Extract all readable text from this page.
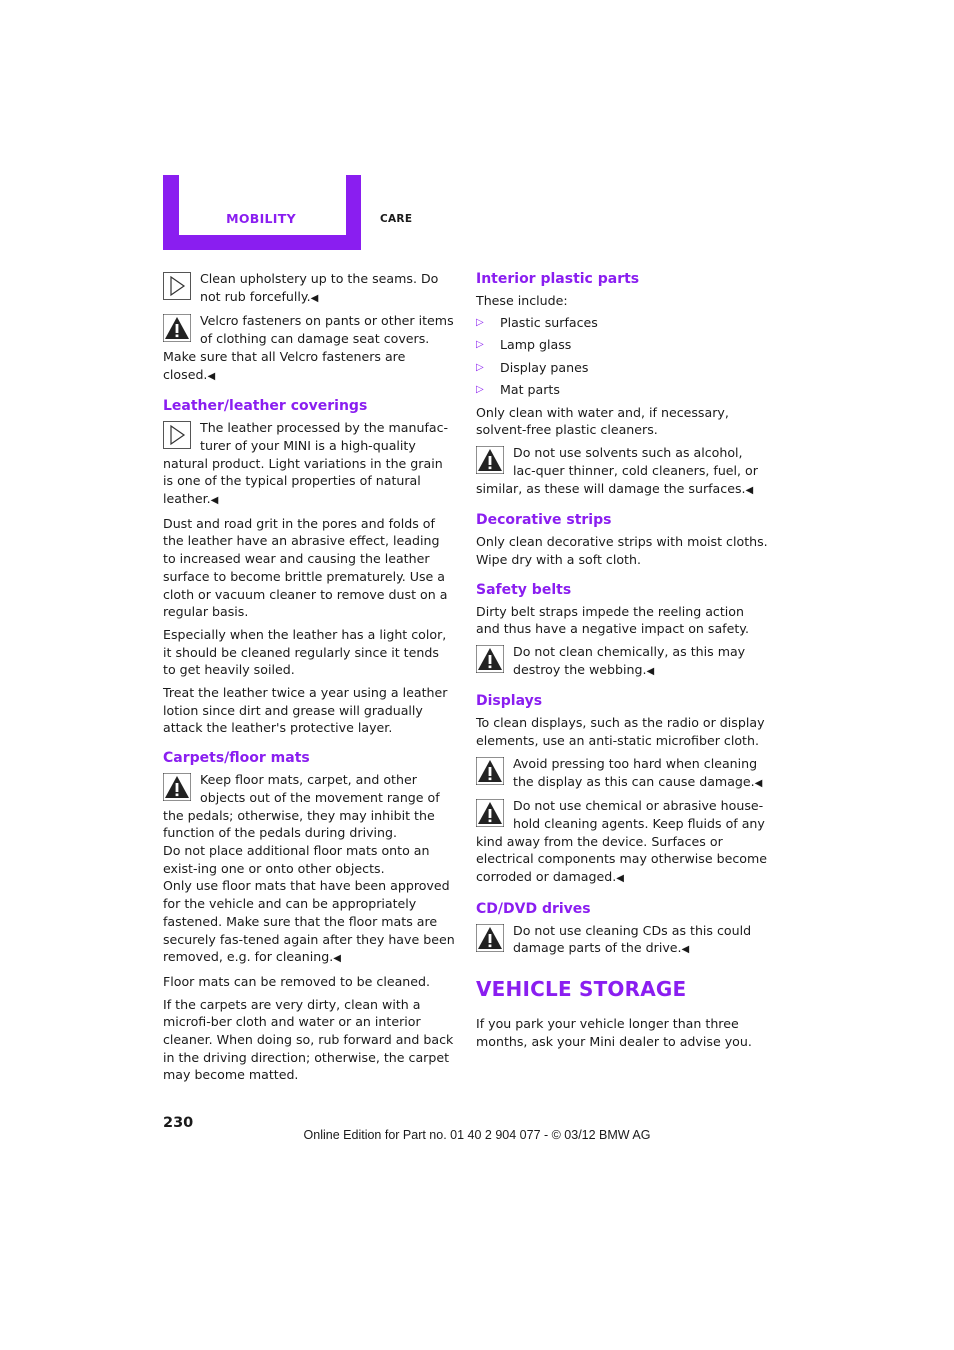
MOBILITY	CARE
Clean upholstery up to the seams. Do not rub forcefully.◀
Velcro fasteners on pants or other items of clothing can damage seat covers. Make sure that all Velcro fasteners are closed.◀
Leather/leather coverings
The leather processed by the manufac-turer of your MINI is a high-quality natural product. Light variations in the grain is one of the typical properties of natural leather.◀

Dust and road grit in the pores and folds of the leather have an abrasive effect, leading to increased wear and causing the leather surface to become brittle prematurely. Use a cloth or vacuum cleaner to remove dust on a regular basis.

Especially when the leather has a light color, it should be cleaned regularly since it tends to get heavily soiled.

Treat the leather twice a year using a leather lotion since dirt and grease will gradually attack the leather's protective layer.

Carpets/floor mats
Keep floor mats, carpet, and other objects out of the movement range of the pedals; otherwise, they may inhibit the function of the pedals during driving.
Do not place additional floor mats onto an exist-ing one or onto other objects.
Only use floor mats that have been approved for the vehicle and can be appropriately fastened. Make sure that the floor mats are securely fas-tened again after they have been removed, e.g. for cleaning.◀

Floor mats can be removed to be cleaned.

If the carpets are very dirty, clean with a microfi-ber cloth and water or an interior cleaner. When doing so, rub forward and back in the driving direction; otherwise, the carpet may become matted.

Interior plastic parts

These include:

▷ Plastic surfaces
▷ Lamp glass
▷ Display panes
▷ Mat parts

Only clean with water and, if necessary, solvent-free plastic cleaners.

Do not use solvents such as alcohol, lac-quer thinner, cold cleaners, fuel, or similar, as these will damage the surfaces.◀
Decorative strips

Only clean decorative strips with moist cloths. Wipe dry with a soft cloth.

Safety belts

Dirty belt straps impede the reeling action and thus have a negative impact on safety.

Do not clean chemically, as this may destroy the webbing.◀
Displays

To clean displays, such as the radio or display elements, use an anti-static microfiber cloth.

Avoid pressing too hard when cleaning the display as this can cause damage.◀
Do not use chemical or abrasive house-hold cleaning agents. Keep fluids of any kind away from the device. Surfaces or electrical components may otherwise become corroded or damaged.◀
CD/DVD drives
Do not use cleaning CDs as this could damage parts of the drive.◀
VEHICLE STORAGE

If you park your vehicle longer than three months, ask your Mini dealer to advise you.

230
Online Edition for Part no. 01 40 2 904 077 - © 03/12 BMW AG
